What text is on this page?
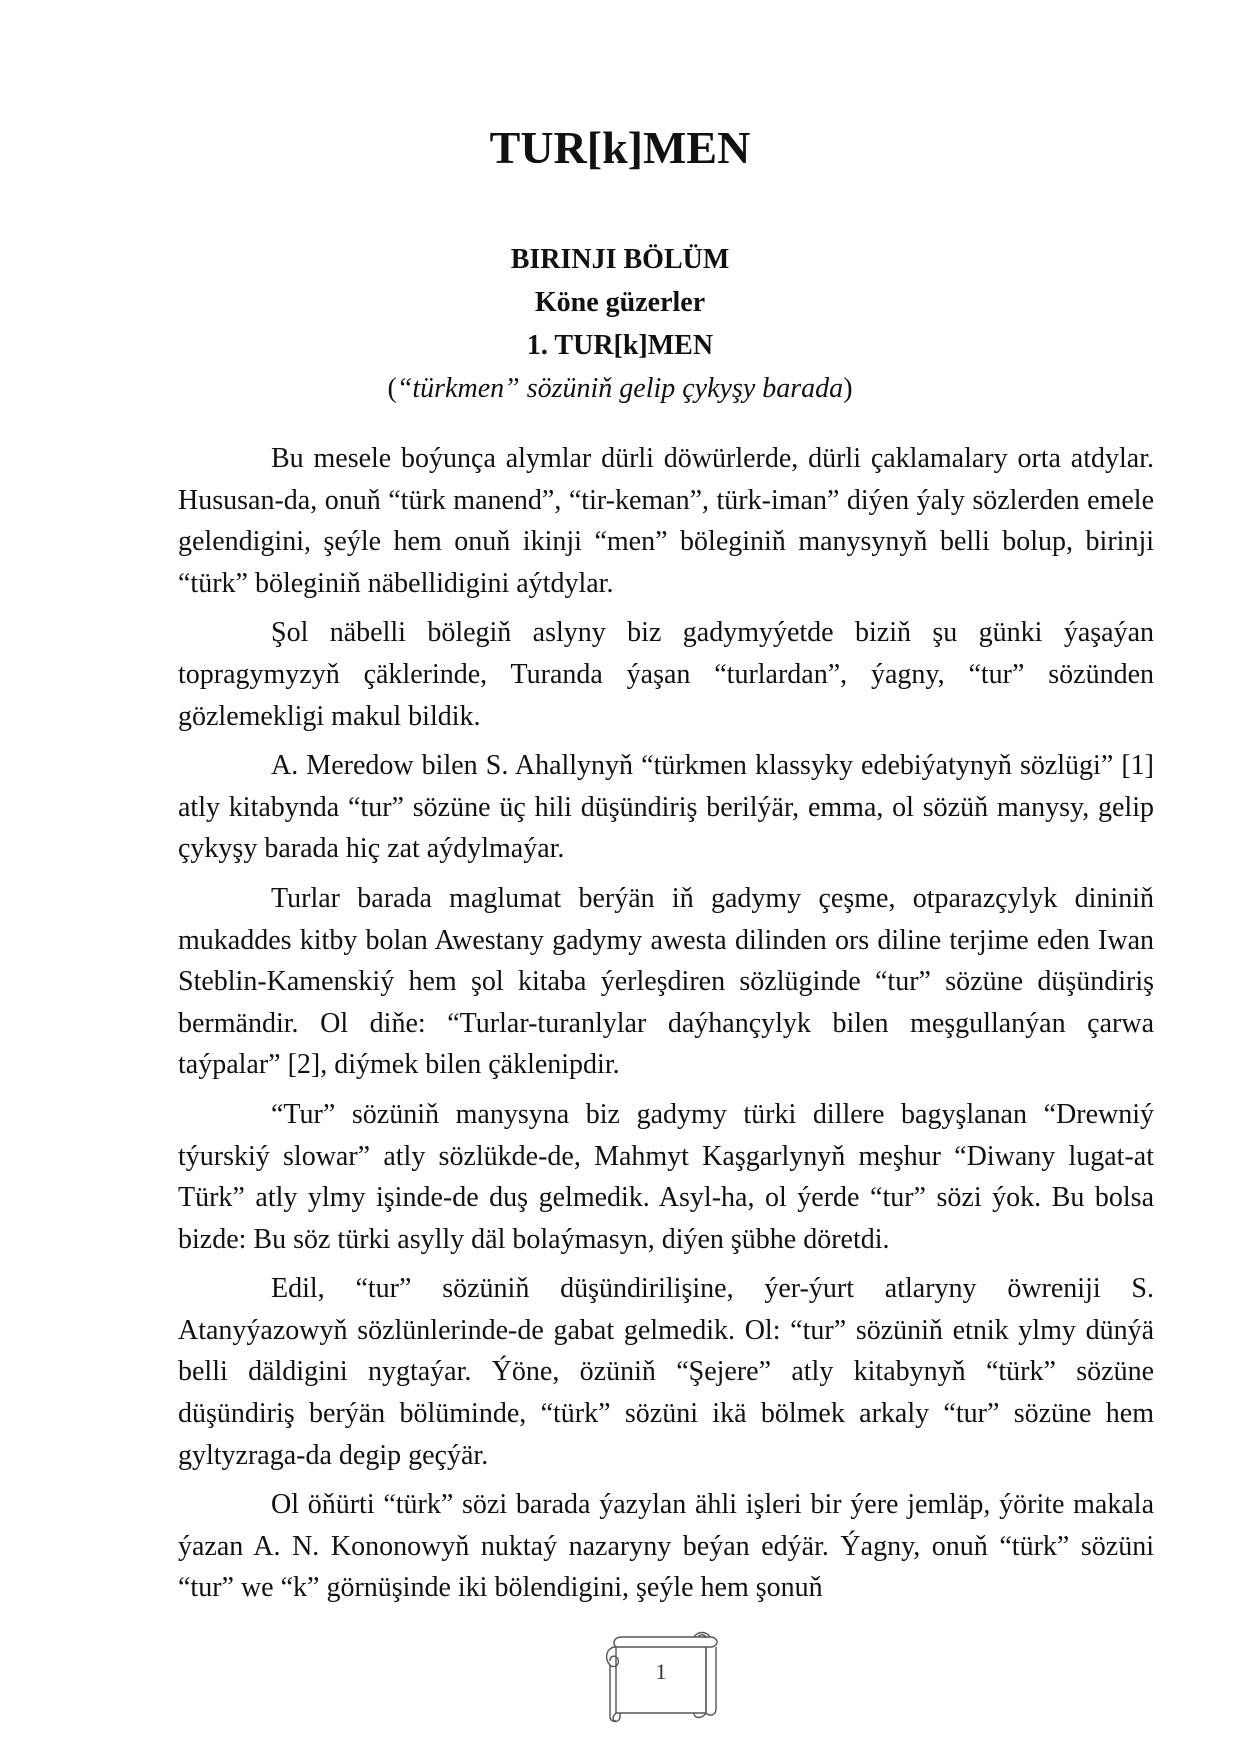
TUR[k]MEN

BIRINJI BÖLÜM

Köne güzerler

1. TUR[k]MEN

(“türkmen” sözüniň gelip çykyşy barada)

Bu mesele boýunça alymlar dürli döwürlerde, dürli çaklamalary orta atdylar. Hususan-da, onuň “türk manend”, “tir-keman”, türk-iman” diýen ýaly sözlerden emele gelendigini, şeýle hem onuň ikinji “men” böleginiň manysynyň belli bolup, birinji “türk” böleginiň näbellidigini aýtdylar.

Şol näbelli bölegiň aslyny biz gadymyýetde biziň şu günki ýaşaýan topragymyzyň çäklerinde, Turanda ýaşan “turlardan”, ýagny, “tur” sözünden gözlemekligi makul bildik.

A. Meredow bilen S. Ahallynyň “türkmen klassyky edebiýatynyň sözlügi” [1] atly kitabynda “tur” sözüne üç hili düşündiriş berilýär, emma, ol sözüň manysy, gelip çykyşy barada hiç zat aýdylmaýar.

Turlar barada maglumat berýän iň gadymy çeşme, otparazçylyk dininiň mukaddes kitby bolan Awestany gadymy awesta dilinden ors diline terjime eden Iwan Steblin-Kamenskiý hem şol kitaba ýerleşdiren sözlüginde “tur” sözüne düşündiriş bermändir. Ol diňe: “Turlar-turanlylar daýhançylyk bilen meşgullanýan çarwa taýpalar” [2], diýmek bilen çäklenipdir.

“Tur” sözüniň manysyna biz gadymy türki dillere bagyşlanan “Drewniý týurskiý slowar” atly sözlükde-de, Mahmyt Kaşgarlynyň meşhur “Diwany lugat-at Türk” atly ylmy işinde-de duş gelmedik. Asyl-ha, ol ýerde “tur” sözi ýok. Bu bolsa bizde: Bu söz türki asylly däl bolaýmasyn, diýen şübhe döretdi.

Edil, “tur” sözüniň düşündirilişine, ýer-ýurt atlaryny öwreniji S. Atanyýazowyň sözlünlerinde-de gabat gelmedik. Ol: “tur” sözüniň etnik ylmy dünýä belli däldigini nygtaýar. Ýöne, özüniň “Şejere” atly kitabynyň “türk” sözüne düşündiriş berýän bölüminde, “türk” sözüni ikä bölmek arkaly “tur” sözüne hem gyltyzraga-da degip geçýär.

Ol öňürti “türk” sözi barada ýazylan ähli işleri bir ýere jemläp, ýörite makala ýazan A. N. Kononowyň nuktaý nazaryny beýan edýär. Ýagny, onuň “türk” sözüni “tur” we “k” görnüşinde iki bölendigini, şeýle hem şonuň

1
